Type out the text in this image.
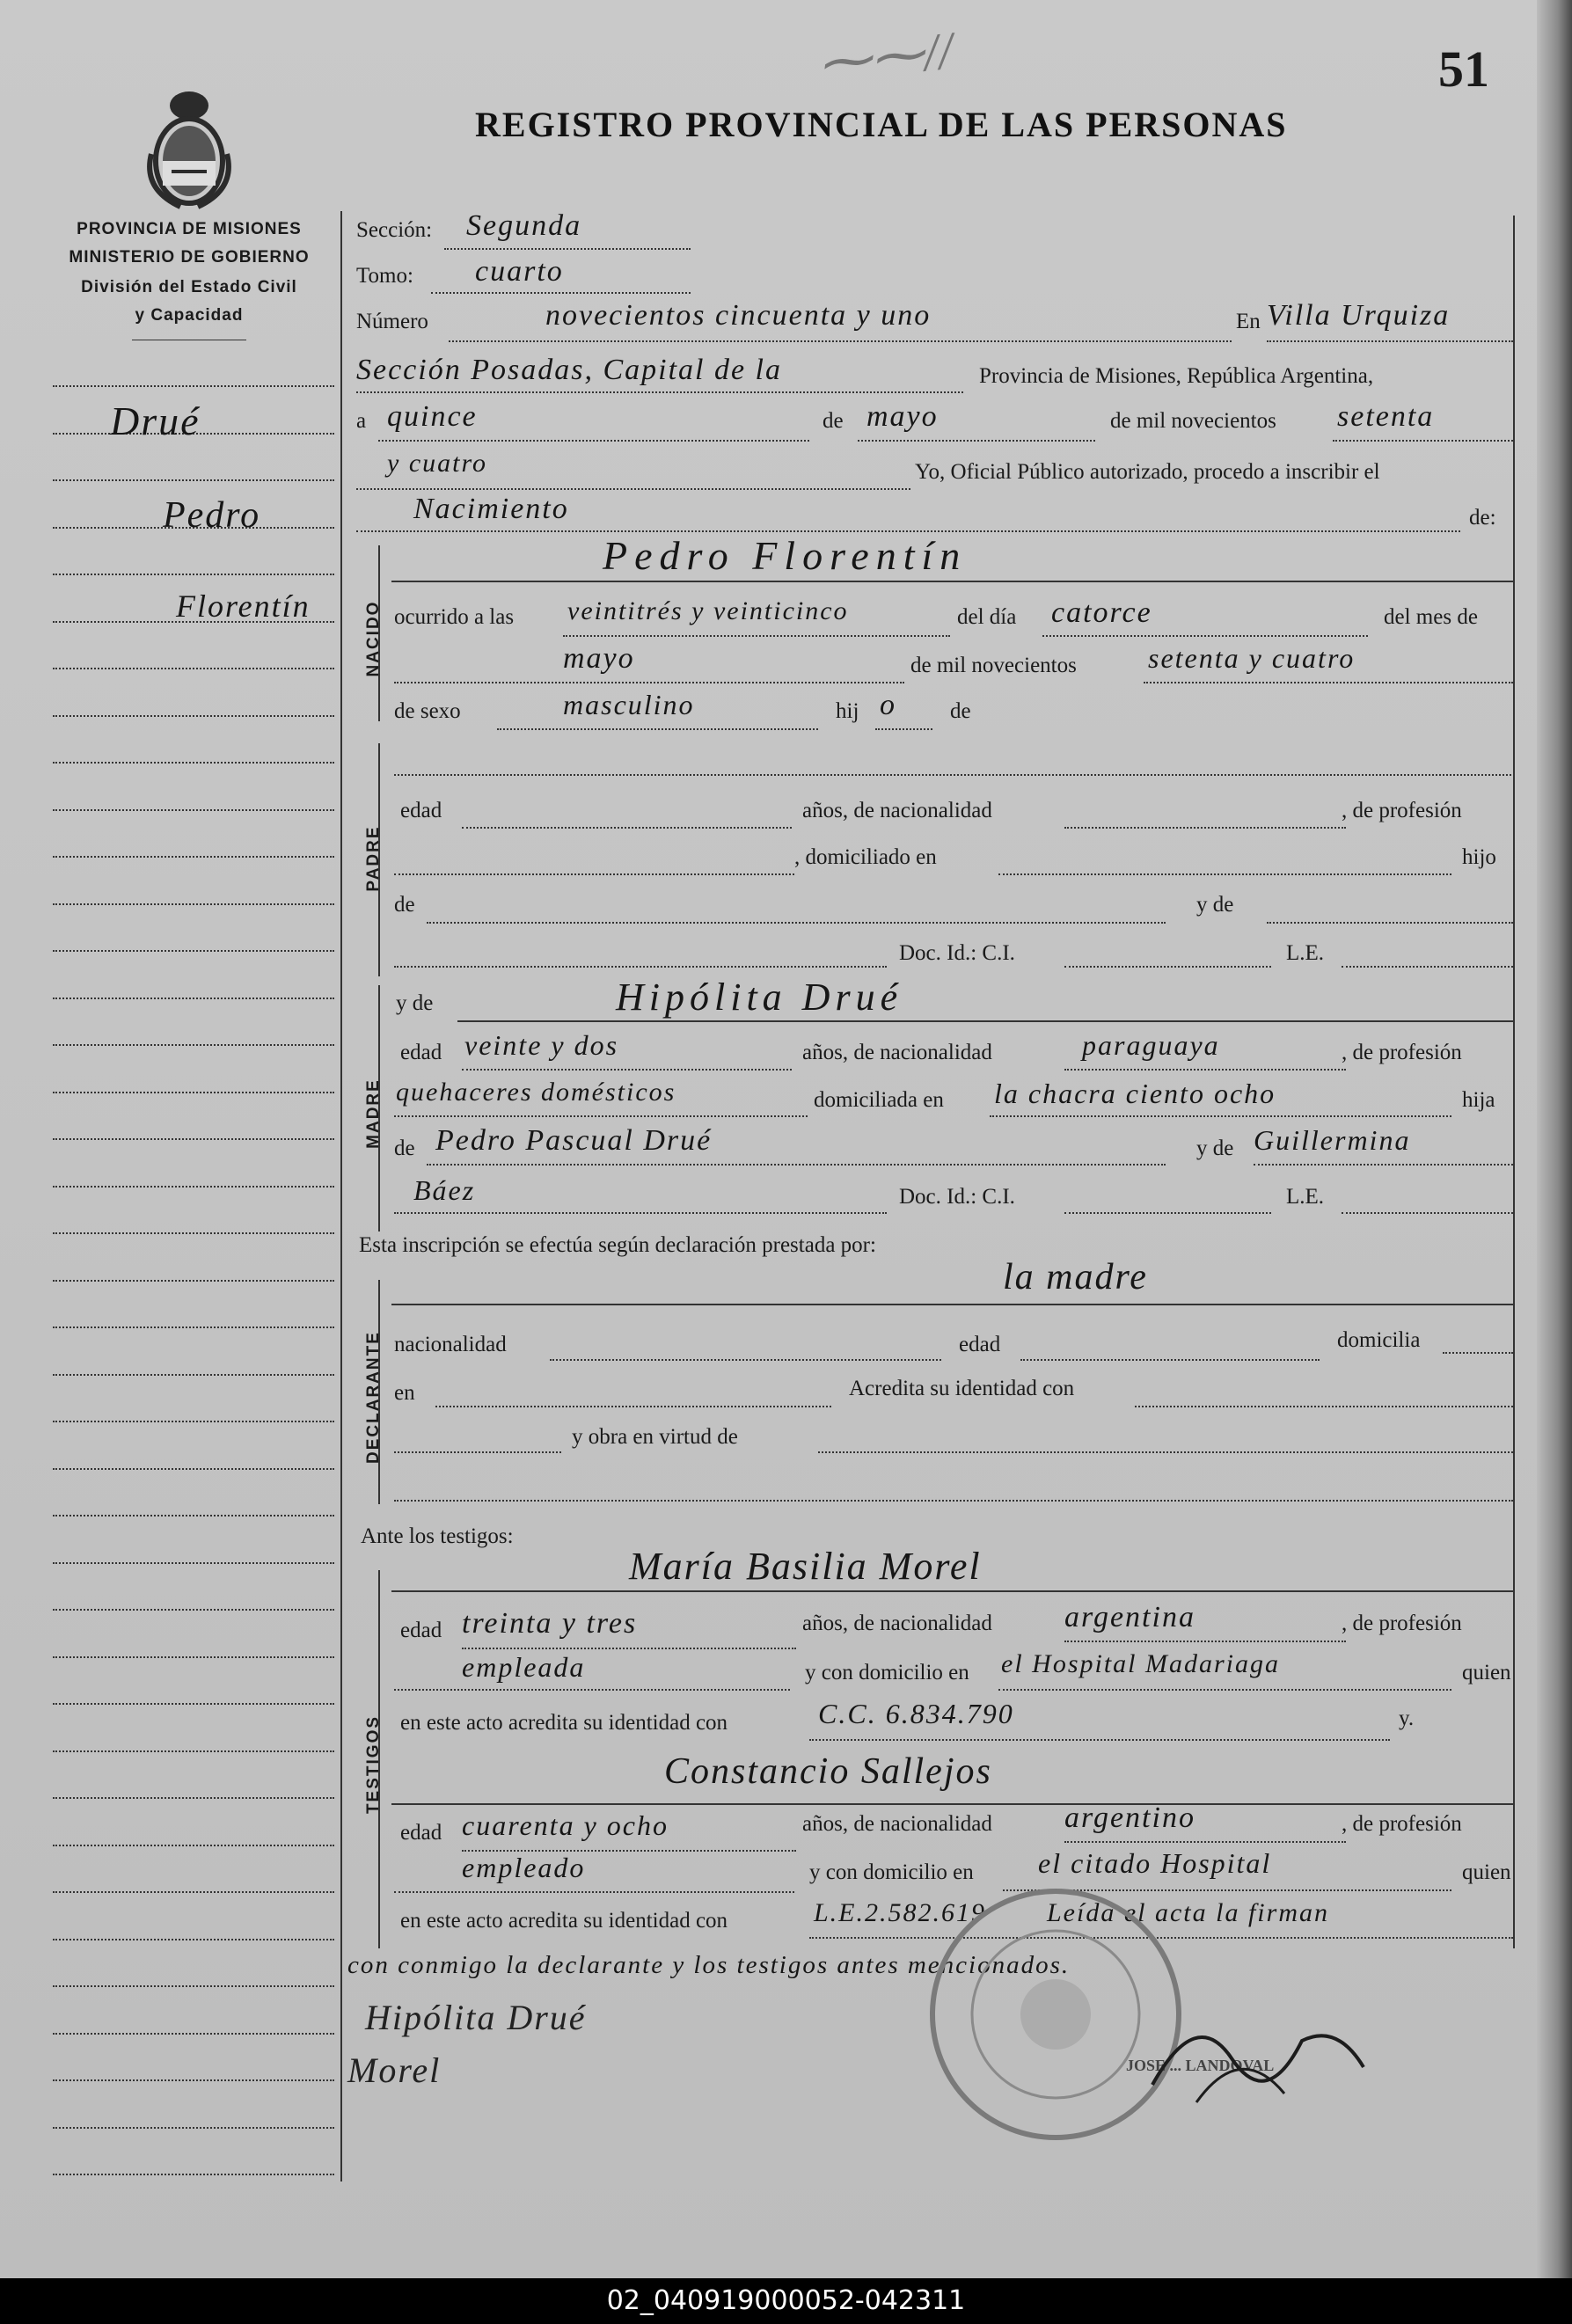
⁓⁓//	51
REGISTRO PROVINCIAL DE LAS PERSONAS
PROVINCIA DE MISIONES
MINISTERIO DE GOBIERNO
División del Estado Civil
y Capacidad
Drué
Pedro
Florentín
Sección: Segunda
Tomo: cuarto
Número	novecientos cincuenta y uno	En Villa Urquiza
Sección Posadas, Capital de la	Provincia de Misiones, República Argentina,
a quince	de mayo	de mil novecientos setenta
y cuatro	Yo, Oficial Público autorizado, procedo a inscribir el
Nacimiento	de:
NACIDO
Pedro Florentín
ocurrido a las veintitrés y veinticinco	del día catorce	del mes de
mayo	de mil novecientos	setenta y cuatro
de sexo	masculino	hij o de
PADRE
edad	años, de nacionalidad	, de profesión
, domiciliado en	hijo
de	y de
Doc. Id.: C.I.	L.E.
MADRE
y de	Hipólita Drué
edad veinte y dos	años, de nacionalidad	paraguaya	, de profesión
quehaceres domésticos	domiciliada en la chacra ciento ocho	hija
de Pedro Pascual Drué	y de Guillermina
Báez	Doc. Id.: C.I.	L.E.
Esta inscripción se efectúa según declaración prestada por:
la madre
DECLARANTE nacionalidad	edad	domicilia
en	Acredita su identidad con
y obra en virtud de
Ante los testigos:
María Basilia Morel
TESTIGOS
edad treinta y tres	años, de nacionalidad argentina	, de profesión
empleada	y con domicilio en el Hospital Madariaga	quien
en este acto acredita su identidad con	C.C. 6.834.790	y.
Constancio Sallejos
edad cuarenta y ocho	años, de nacionalidad argentino	, de profesión
empleado	y con domicilio en el citado Hospital	quien
en este acto acredita su identidad con	L.E.2.582.619 Leída el acta la firman
con conmigo la declarante y los testigos antes mencionados.
Hipólita Drué
Morel	JOSE ... LANDOVAL
02_040919000052-042311
